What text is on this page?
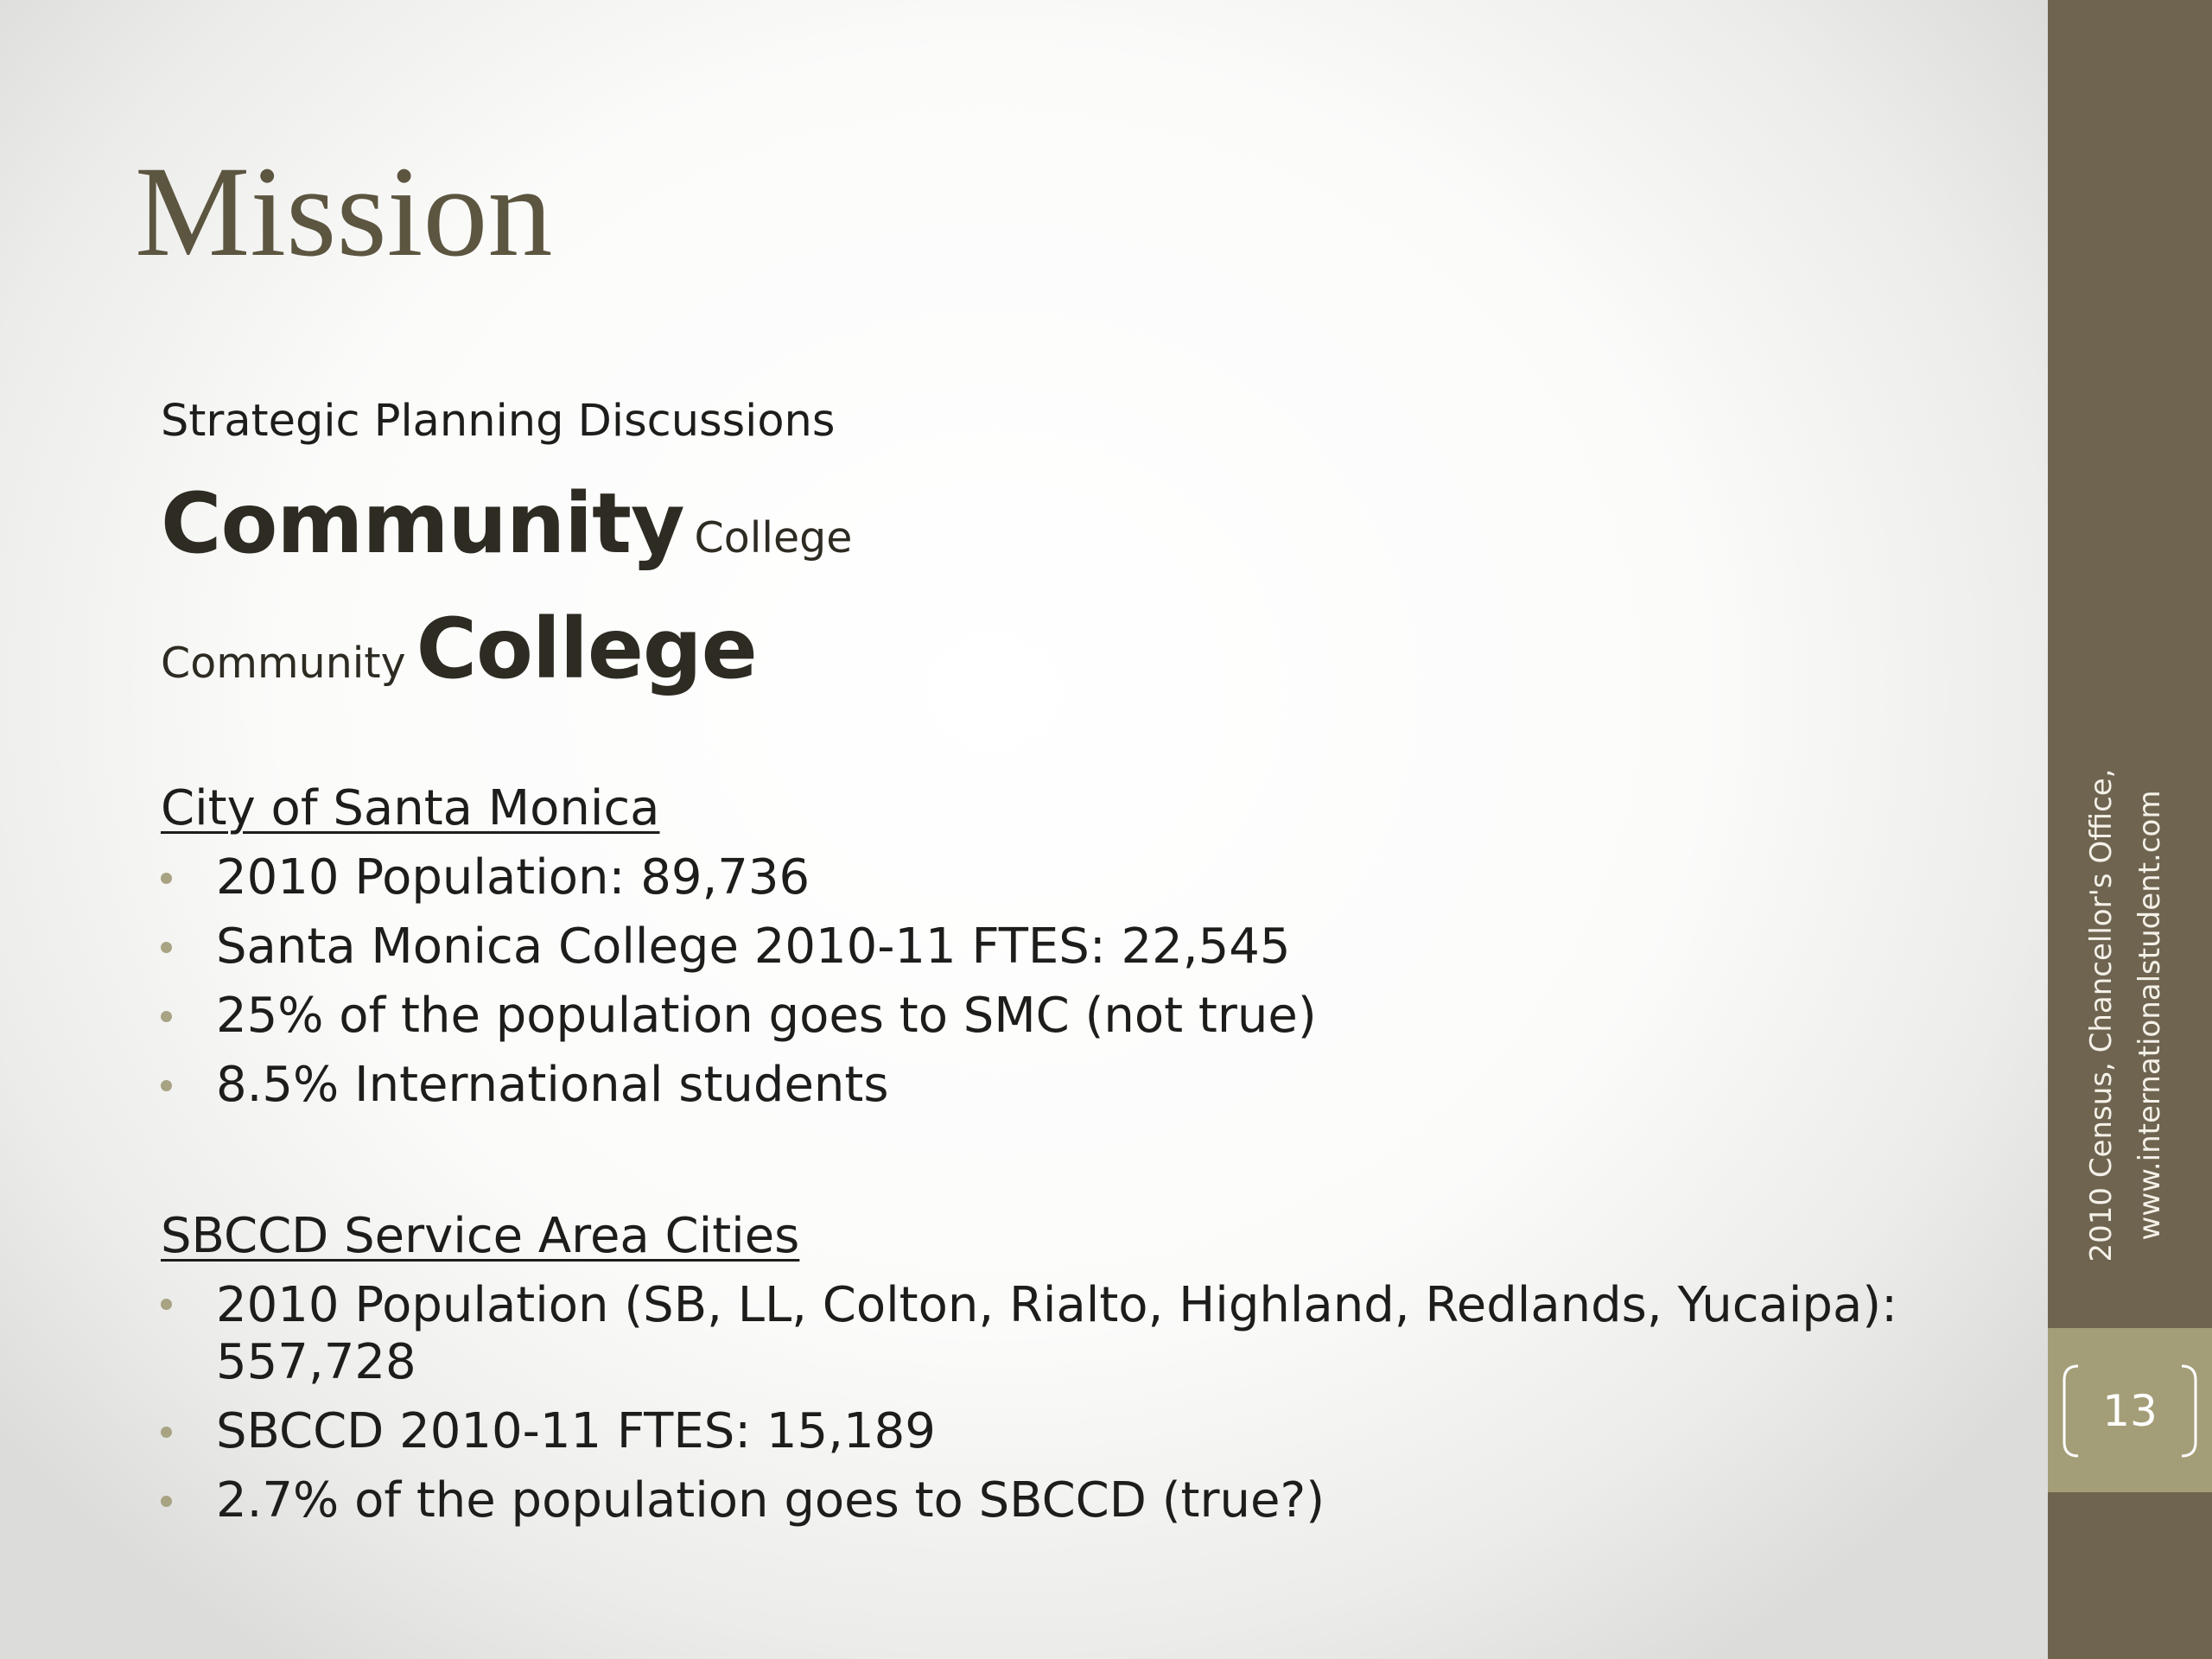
13
2010 Census, Chancellor's Office, www.internationalstudent.com
Mission

Strategic Planning Discussions

Community College

Community College

City of Santa Monica

2010 Population: 89,736
Santa Monica College 2010-11 FTES: 22,545
25% of the population goes to SMC (not true)
8.5% International students

SBCCD Service Area Cities

2010 Population (SB, LL, Colton, Rialto, Highland, Redlands, Yucaipa): 557,728
SBCCD 2010-11 FTES: 15,189
2.7% of the population goes to SBCCD (true?)
